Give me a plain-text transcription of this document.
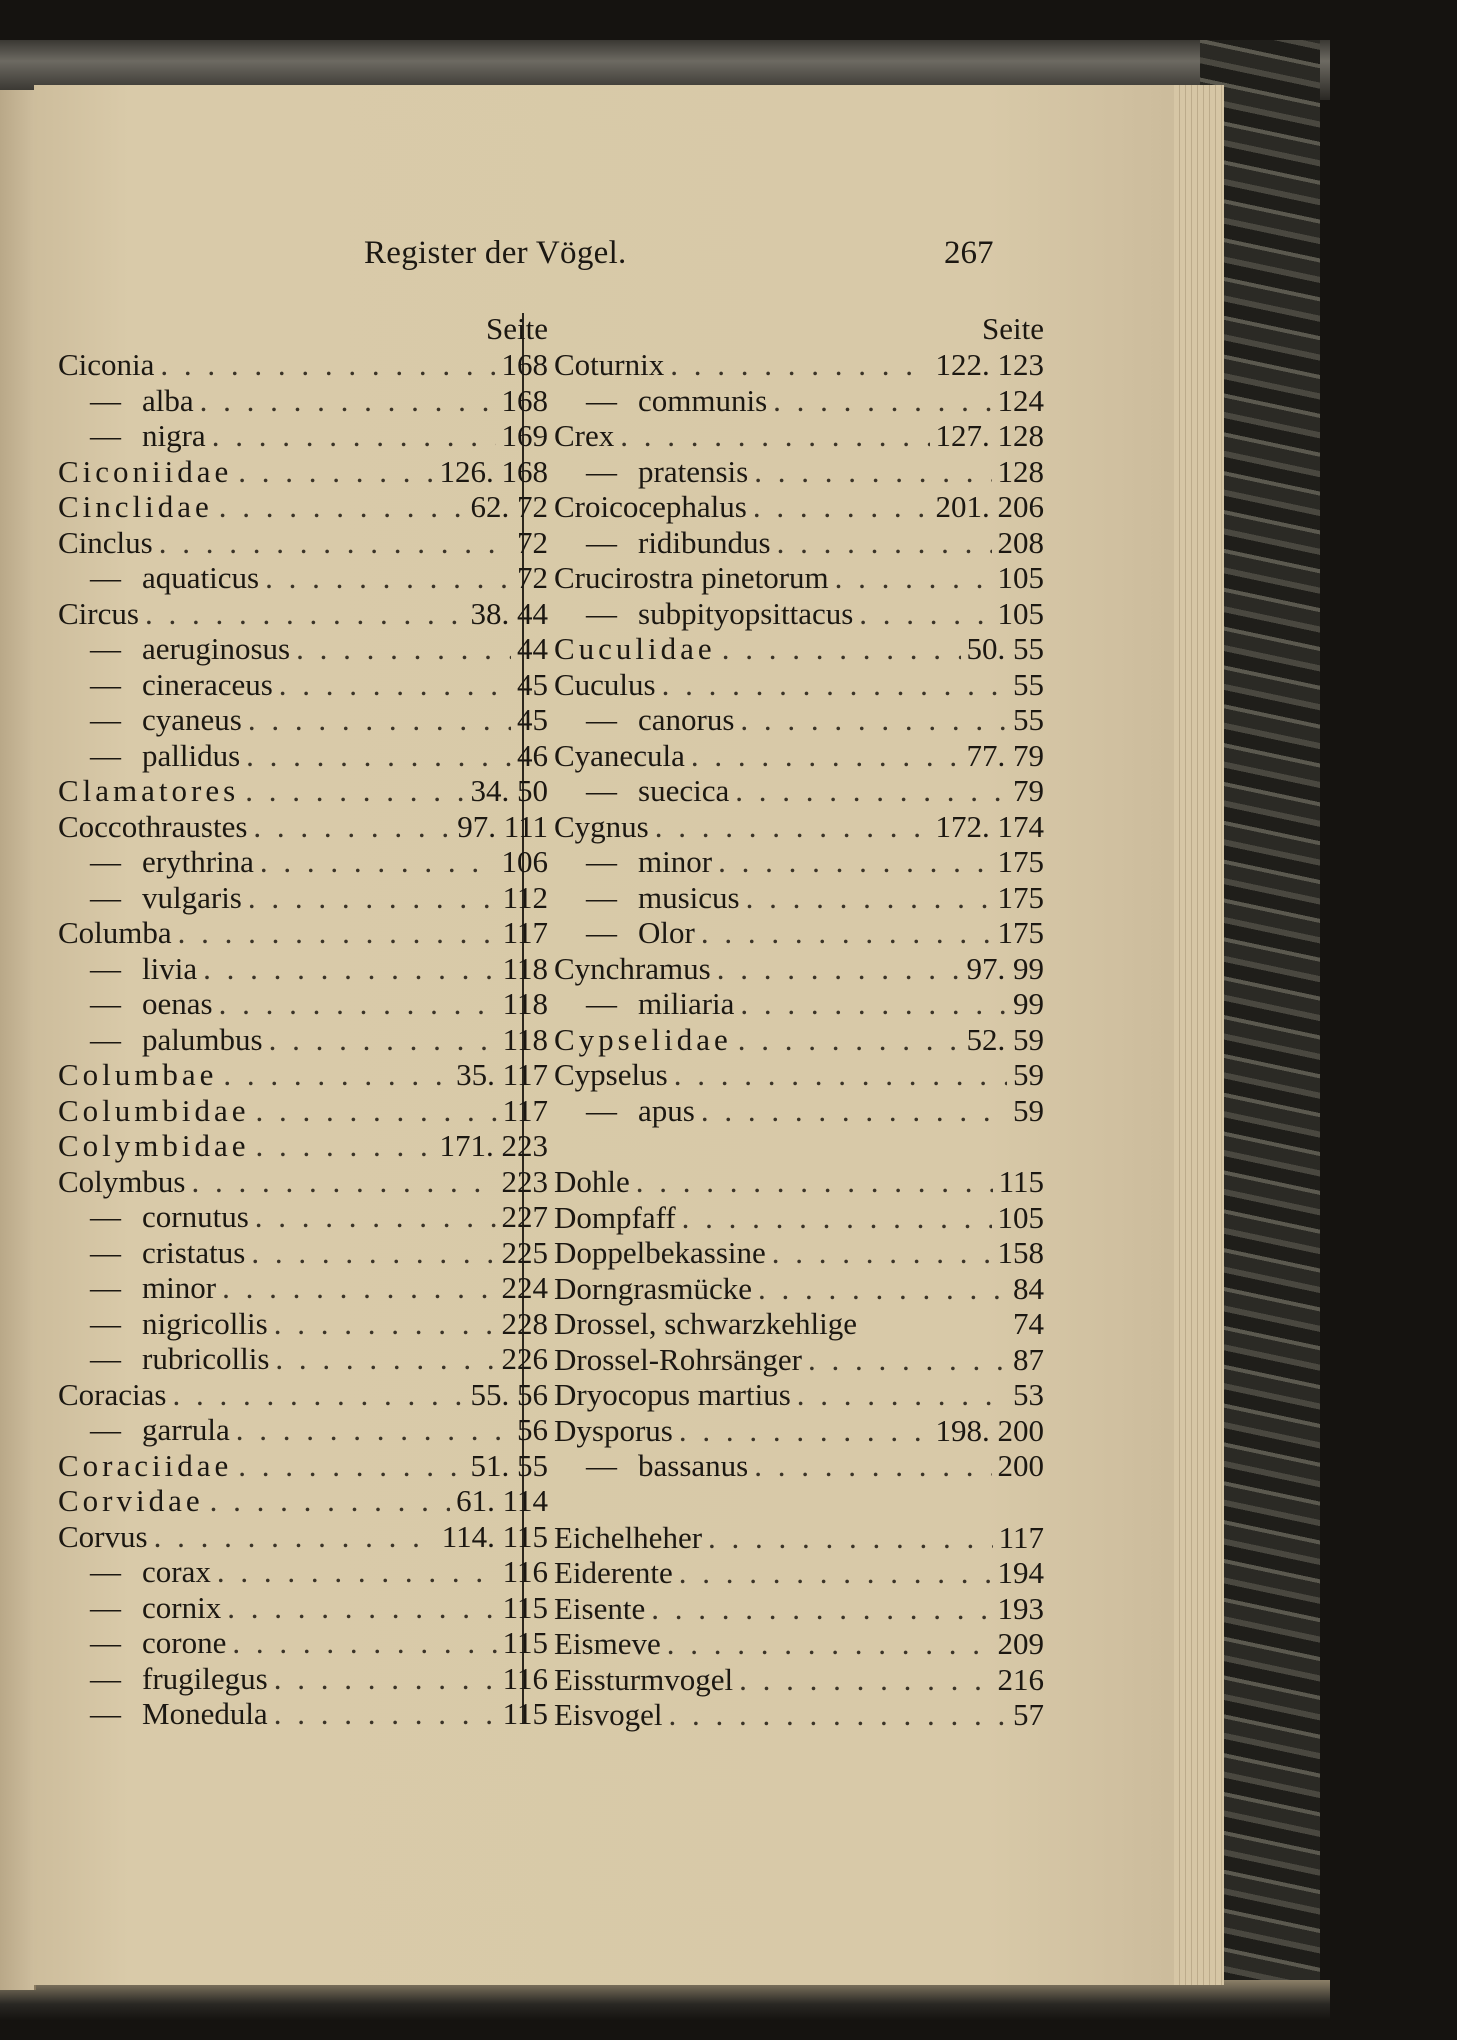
Register der Vögel.	267
Seite
Ciconia . . .	168
— alba . . .	168
— nigra . . .	169
Ciconiidae . . .	126. 168
Cinclidae . . .	62. 72
Cinclus . . .	72
— aquaticus . . .	72
Circus . . .	38. 44
— aeruginosus . . .	44
— cineraceus . . .	45
— cyaneus . . .	45
— pallidus . . .	46
Clamatores . . .	34. 50
Coccothraustes . . .	97. 111
— erythrina . . .	106
— vulgaris . . .	112
Columba . . .	117
— livia . . .	118
— oenas . . .	118
— palumbus . . .	118
Columbae . . .	35. 117
Columbidae . . .	117
Colymbidae . . .	171. 223
Colymbus . . .	223
— cornutus . . .	227
— cristatus . . .	225
— minor . . .	224
— nigricollis . . .	228
— rubricollis . . .	226
Coracias . . .	55. 56
— garrula . . .	56
Coraciidae . . .	51. 55
Corvidae . . .	61. 114
Corvus . . .	114. 115
— corax . . .	116
— cornix . . .	115
— corone . . .	115
— frugilegus . . .	116
— Monedula . . .	115
Seite
Coturnix . . .	122. 123
— communis . . .	124
Crex . . .	127. 128
— pratensis . . .	128
Croicocephalus . . .	201. 206
— ridibundus . . .	208
Crucirostra pinetorum . . .	105
— subpityopsittacus . . .	105
Cuculidae . . .	50. 55
Cuculus . . .	55
— canorus . . .	55
Cyanecula . . .	77. 79
— suecica . . .	79
Cygnus . . .	172. 174
— minor . . .	175
— musicus . . .	175
— Olor . . .	175
Cynchramus . . .	97. 99
— miliaria . . .	99
Cypselidae . . .	52. 59
Cypselus . . .	59
— apus . . .	59
Dohle . . .	115
Dompfaff . . .	105
Doppelbekassine . . .	158
Dorngrasmücke . . .	84
Drossel, schwarzkehlige	74
Drossel-Rohrsänger . . .	87
Dryocopus martius . . .	53
Dysporus . . .	198. 200
— bassanus . . .	200
Eichelheher . . .	117
Eiderente . . .	194
Eisente . . .	193
Eismeve . . .	209
Eissturmvogel . . .	216
Eisvogel . . .	57
